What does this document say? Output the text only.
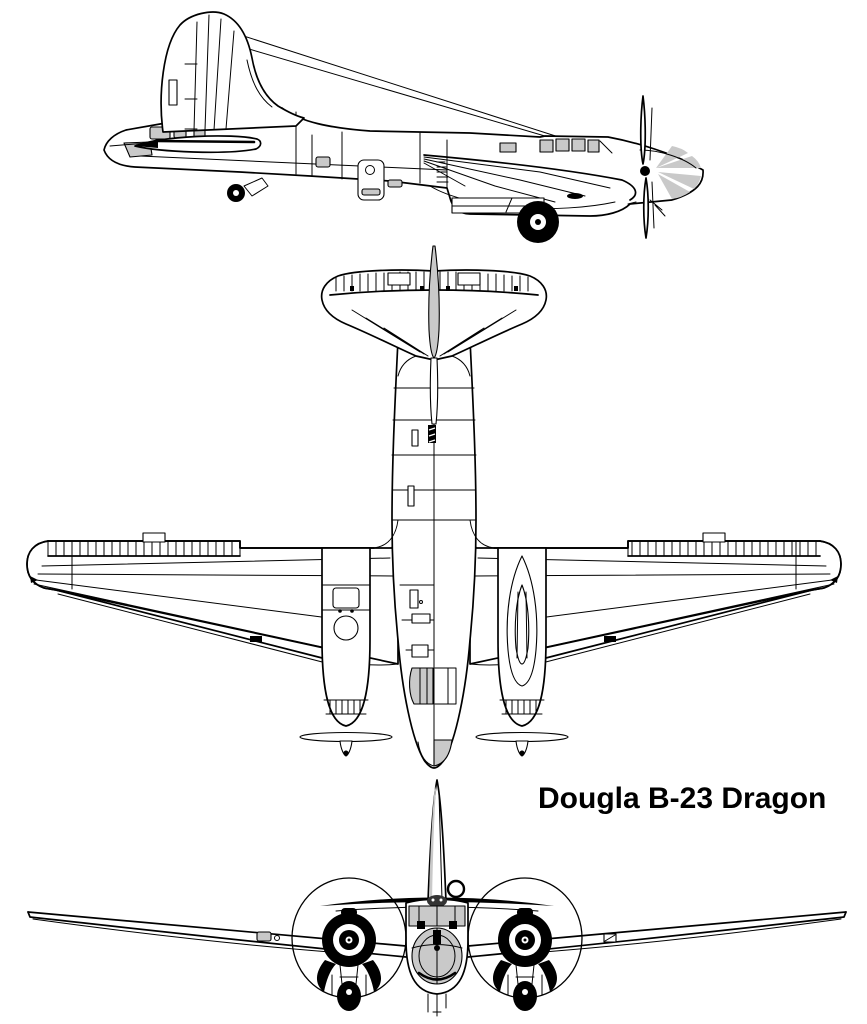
Dougla B-23 Dragon
